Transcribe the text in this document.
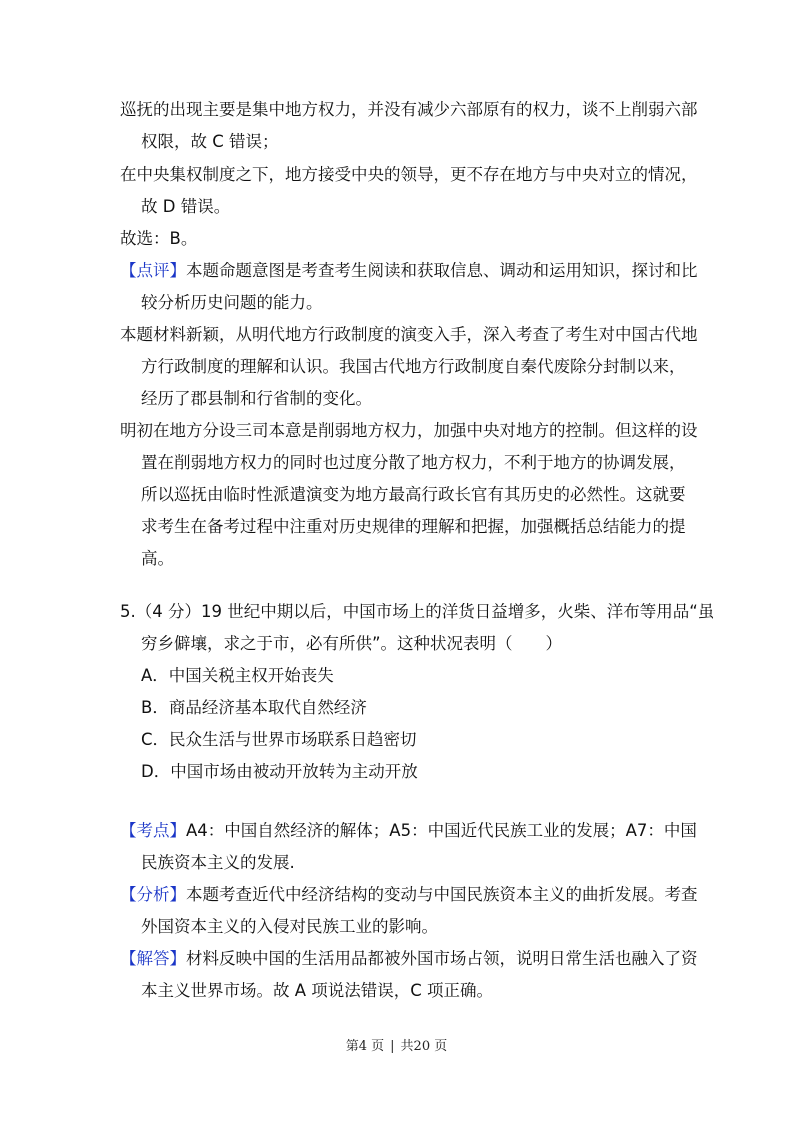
巡抚的出现主要是集中地方权力，并没有减少六部原有的权力，谈不上削弱六部
权限，故 C 错误；
在中央集权制度之下，地方接受中央的领导，更不存在地方与中央对立的情况，
故 D 错误。
故选：B。
【点评】本题命题意图是考查考生阅读和获取信息、调动和运用知识，探讨和比
较分析历史问题的能力。
本题材料新颖，从明代地方行政制度的演变入手，深入考查了考生对中国古代地
方行政制度的理解和认识。我国古代地方行政制度自秦代废除分封制以来，
经历了郡县制和行省制的变化。
明初在地方分设三司本意是削弱地方权力，加强中央对地方的控制。但这样的设
置在削弱地方权力的同时也过度分散了地方权力，不利于地方的协调发展，
所以巡抚由临时性派遣演变为地方最高行政长官有其历史的必然性。这就要
求考生在备考过程中注重对历史规律的理解和把握，加强概括总结能力的提
高。
5.（4 分）19 世纪中期以后，中国市场上的洋货日益增多，火柴、洋布等用品“虽
穷乡僻壤，求之于市，必有所供”。这种状况表明（　　）
A．中国关税主权开始丧失
B．商品经济基本取代自然经济
C．民众生活与世界市场联系日趋密切
D．中国市场由被动开放转为主动开放
【考点】A4：中国自然经济的解体；A5：中国近代民族工业的发展；A7：中国
民族资本主义的发展.
【分析】本题考查近代中经济结构的变动与中国民族资本主义的曲折发展。考查
外国资本主义的入侵对民族工业的影响。
【解答】材料反映中国的生活用品都被外国市场占领，说明日常生活也融入了资
本主义世界市场。故 A 项说法错误，C 项正确。
第4 页 | 共20 页
